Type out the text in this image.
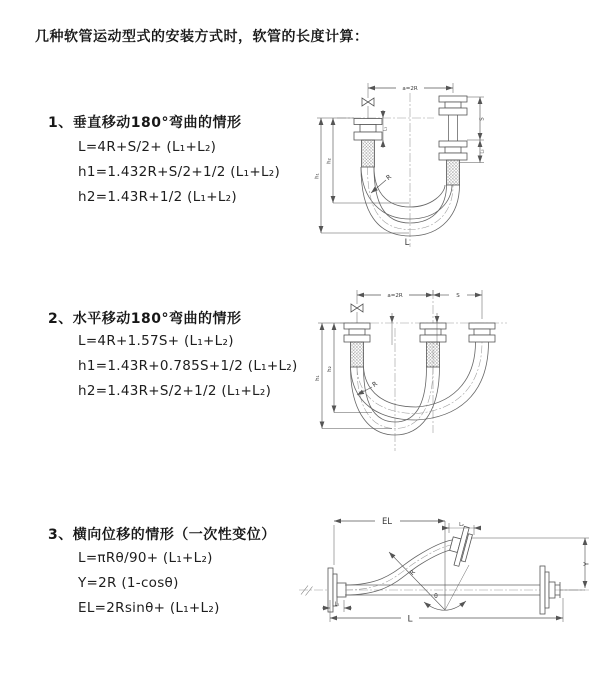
几种软管运动型式的安装方式时，软管的长度计算：
1、垂直移动180°弯曲的情形
L=4R+S/2+ (L₁+L₂)
h1=1.432R+S/2+1/2 (L₁+L₂)
h2=1.43R+1/2 (L₁+L₂)
2、水平移动180°弯曲的情形
L=4R+1.57S+ (L₁+L₂)
h1=1.43R+0.785S+1/2 (L₁+L₂)
h2=1.43R+S/2+1/2 (L₁+L₂)
3、横向位移的情形（一次性变位）
L=πRθ/90+ (L₁+L₂)
Y=2R (1-cosθ)
EL=2Rsinθ+ (L₁+L₂)
a=2R
h₁
h₂
L₁
S
L₂
R
L
a=2R	S
h₁
h₂
R
EL	L₂
L₁
Y
L
R
θ
